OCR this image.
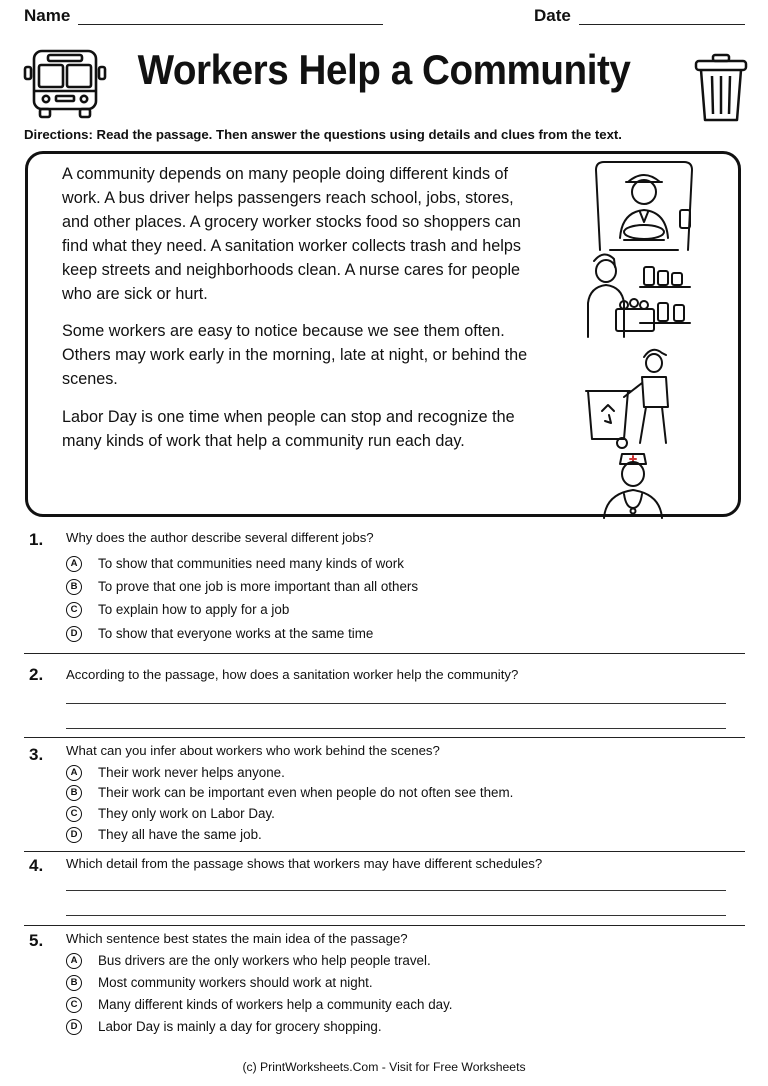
Name	Date
Workers Help a Community
Directions: Read the passage. Then answer the questions using details and clues from the text.
A community depends on many people doing different kinds of work. A bus driver helps passengers reach school, jobs, stores, and other places. A grocery worker stocks food so shoppers can find what they need. A sanitation worker collects trash and helps keep streets and neighborhoods clean. A nurse cares for people who are sick or hurt.
Some workers are easy to notice because we see them often. Others may work early in the morning, late at night, or behind the scenes.
Labor Day is one time when people can stop and recognize the many kinds of work that help a community run each day.
1. Why does the author describe several different jobs?
A	To show that communities need many kinds of work
B	To prove that one job is more important than all others
C	To explain how to apply for a job
D	To show that everyone works at the same time
2. According to the passage, how does a sanitation worker help the community?
3. What can you infer about workers who work behind the scenes?
A	Their work never helps anyone.
B	Their work can be important even when people do not often see them.
C	They only work on Labor Day.
D	They all have the same job.
4. Which detail from the passage shows that workers may have different schedules?
5. Which sentence best states the main idea of the passage?
A	Bus drivers are the only workers who help people travel.
B	Most community workers should work at night.
C	Many different kinds of workers help a community each day.
D	Labor Day is mainly a day for grocery shopping.
(c) PrintWorksheets.Com - Visit for Free Worksheets
